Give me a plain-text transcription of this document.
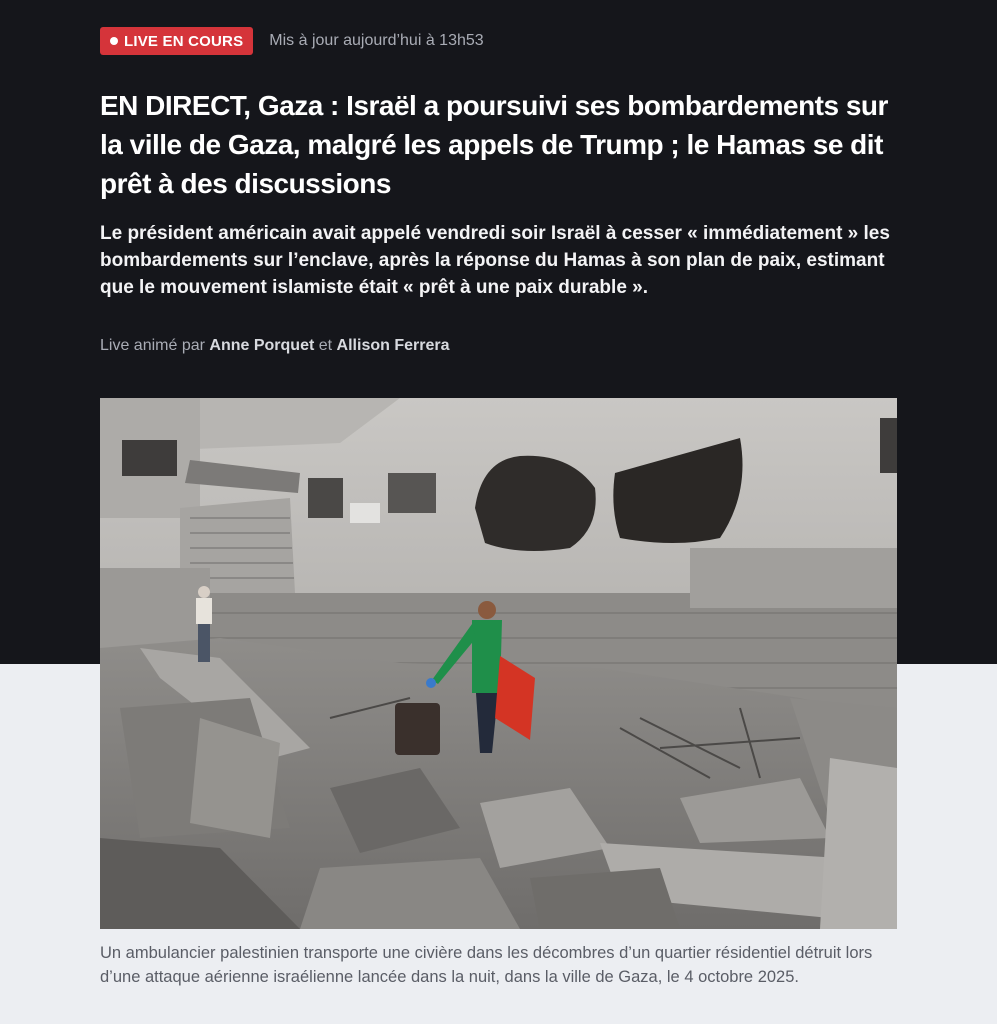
LIVE EN COURS Mis à jour aujourd’hui à 13h53
EN DIRECT, Gaza : Israël a poursuivi ses bombardements sur la ville de Gaza, malgré les appels de Trump ; le Hamas se dit prêt à des discussions

Le président américain avait appelé vendredi soir Israël à cesser « immédiatement » les bombardements sur l’enclave, après la réponse du Hamas à son plan de paix, estimant que le mouvement islamiste était « prêt à une paix durable ».

Live animé par Anne Porquet et Allison Ferrera

Un ambulancier palestinien transporte une civière dans les décombres d’un quartier résidentiel détruit lors d’une attaque aérienne israélienne lancée dans la nuit, dans la ville de Gaza, le 4 octobre 2025.
